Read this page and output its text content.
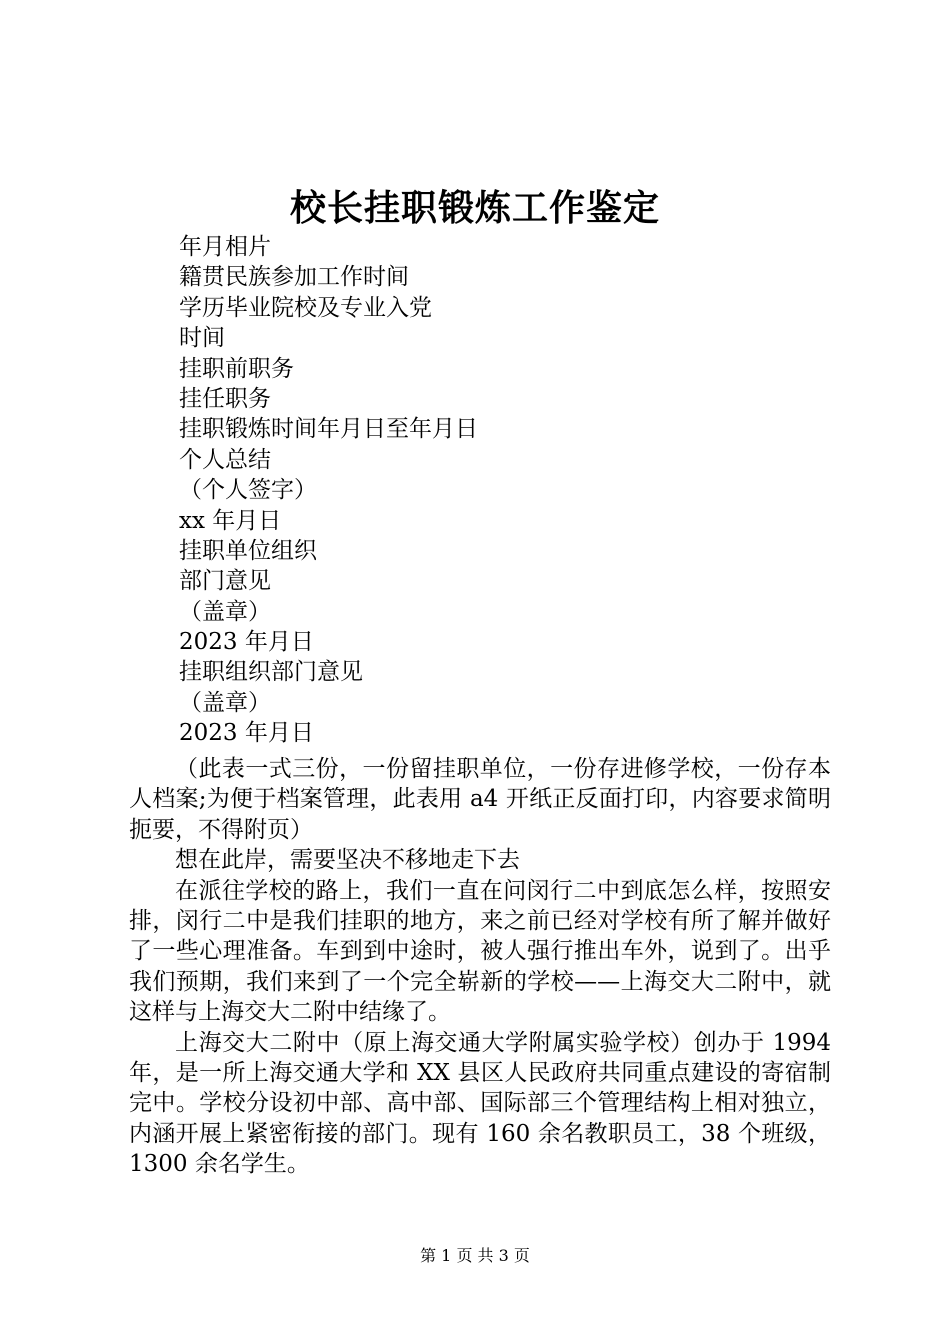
校长挂职锻炼工作鉴定
年月相片
籍贯民族参加工作时间
学历毕业院校及专业入党
时间
挂职前职务
挂任职务
挂职锻炼时间年月日至年月日
个人总结
（个人签字）
xx 年月日
挂职单位组织
部门意见
（盖章）
2023 年月日
挂职组织部门意见
（盖章）
2023 年月日

（此表一式三份，一份留挂职单位，一份存进修学校，一份存本人档案;为便于档案管理，此表用 a4 开纸正反面打印，内容要求简明扼要，不得附页）

想在此岸，需要坚决不移地走下去

在派往学校的路上，我们一直在问闵行二中到底怎么样，按照安排，闵行二中是我们挂职的地方，来之前已经对学校有所了解并做好了一些心理准备。车到到中途时，被人强行推出车外，说到了。出乎我们预期，我们来到了一个完全崭新的学校——上海交大二附中，就这样与上海交大二附中结缘了。

上海交大二附中（原上海交通大学附属实验学校）创办于 1994 年，是一所上海交通大学和 XX 县区人民政府共同重点建设的寄宿制完中。学校分设初中部、高中部、国际部三个管理结构上相对独立，内涵开展上紧密衔接的部门。现有 160 余名教职员工，38 个班级，1300 余名学生。

第 1 页 共 3 页
